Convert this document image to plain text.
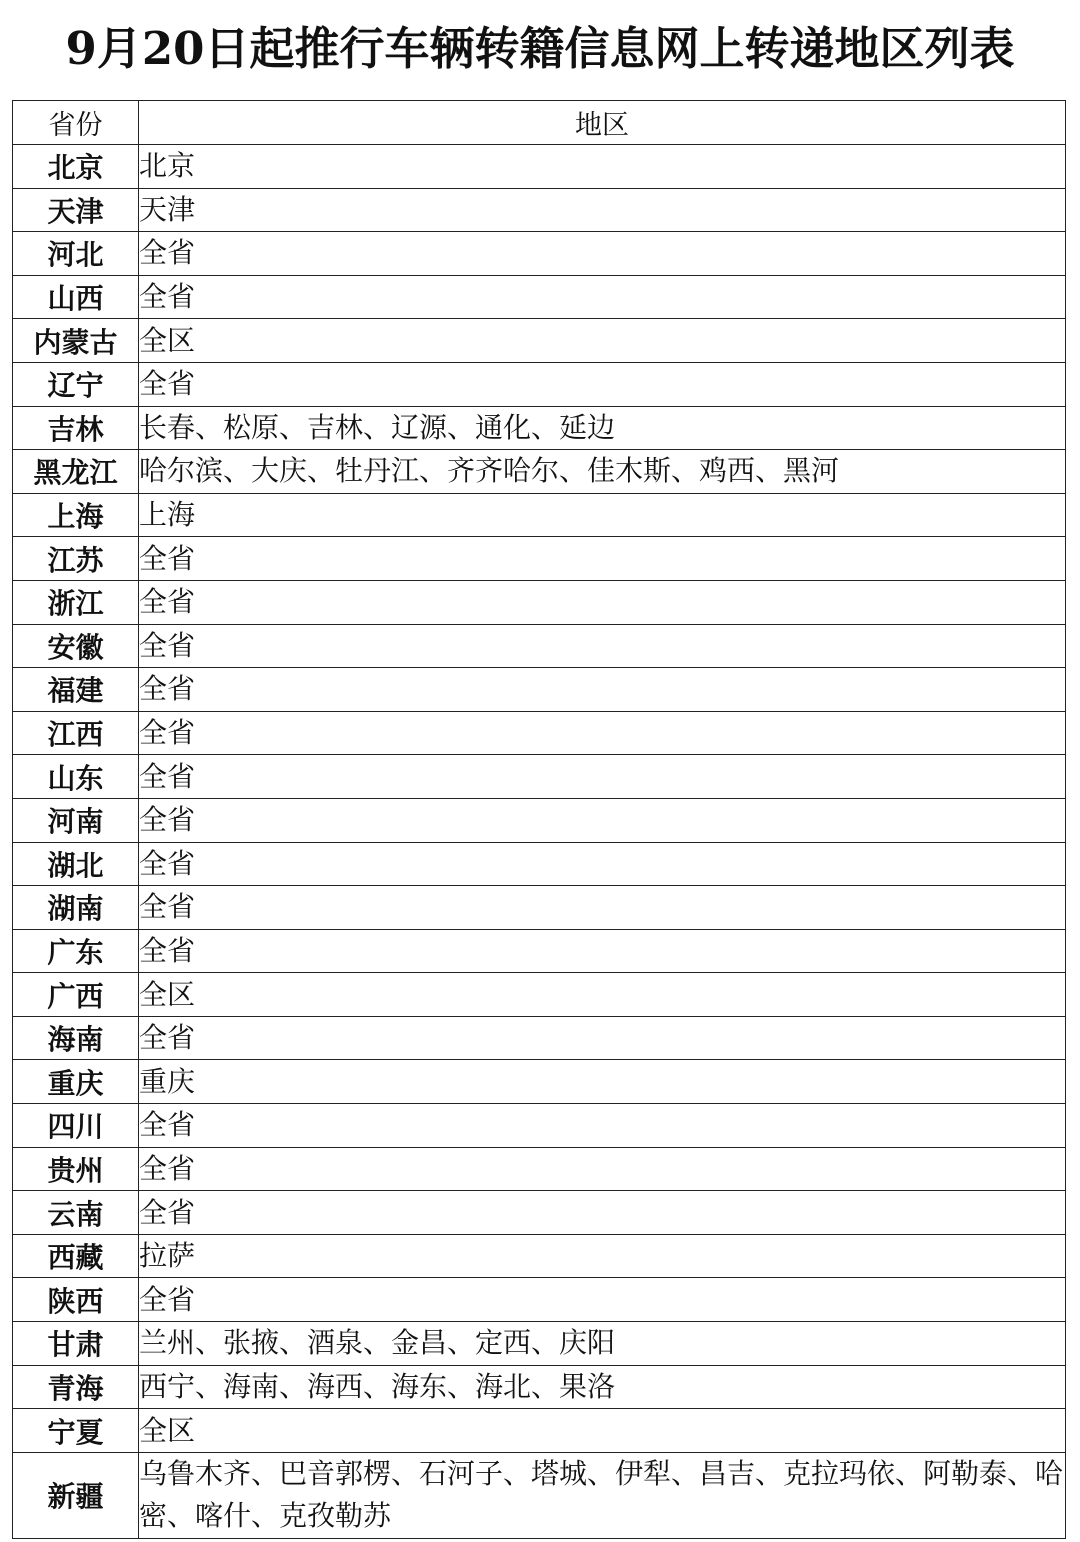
9月20日起推行车辆转籍信息网上转递地区列表
省份	地区
北京	北京
天津	天津
河北	全省
山西	全省
内蒙古	全区
辽宁	全省
吉林	长春、松原、吉林、辽源、通化、延边
黑龙江	哈尔滨、大庆、牡丹江、齐齐哈尔、佳木斯、鸡西、黑河
上海	上海
江苏	全省
浙江	全省
安徽	全省
福建	全省
江西	全省
山东	全省
河南	全省
湖北	全省
湖南	全省
广东	全省
广西	全区
海南	全省
重庆	重庆
四川	全省
贵州	全省
云南	全省
西藏	拉萨
陕西	全省
甘肃	兰州、张掖、酒泉、金昌、定西、庆阳
青海	西宁、海南、海西、海东、海北、果洛
宁夏	全区
新疆	乌鲁木齐、巴音郭楞、石河子、塔城、伊犁、昌吉、克拉玛依、阿勒泰、哈密、喀什、克孜勒苏
